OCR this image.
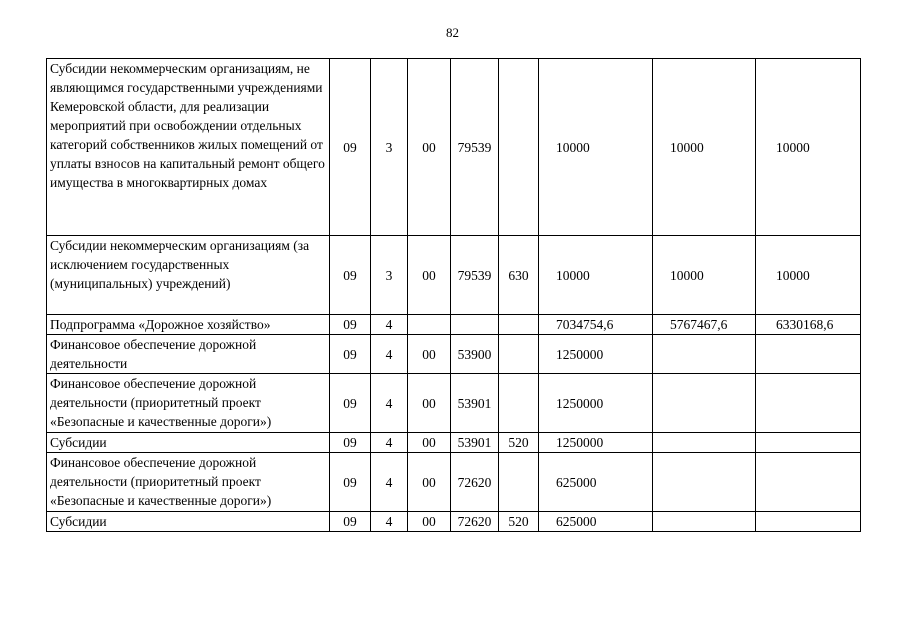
82
Субсидии некоммерческим организациям, не являющимся государственными учреждениями Кемеровской области, для реализации мероприятий при освобождении отдельных категорий собственников жилых помещений от уплаты взносов на капитальный ремонт общего имущества в многоквартирных домах	09	3	00	79539		10000	10000	10000
Субсидии некоммерческим организациям (за исключением государственных (муниципальных) учреждений)	09	3	00	79539	630	10000	10000	10000
Подпрограмма «Дорожное хозяйство»	09	4				7034754,6	5767467,6	6330168,6
Финансовое обеспечение дорожной деятельности	09	4	00	53900		1250000		
Финансовое обеспечение дорожной деятельности (приоритетный проект «Безопасные и качественные дороги»)	09	4	00	53901		1250000		
Субсидии	09	4	00	53901	520	1250000		
Финансовое обеспечение дорожной деятельности (приоритетный проект «Безопасные и качественные дороги»)	09	4	00	72620		625000		
Субсидии	09	4	00	72620	520	625000		
